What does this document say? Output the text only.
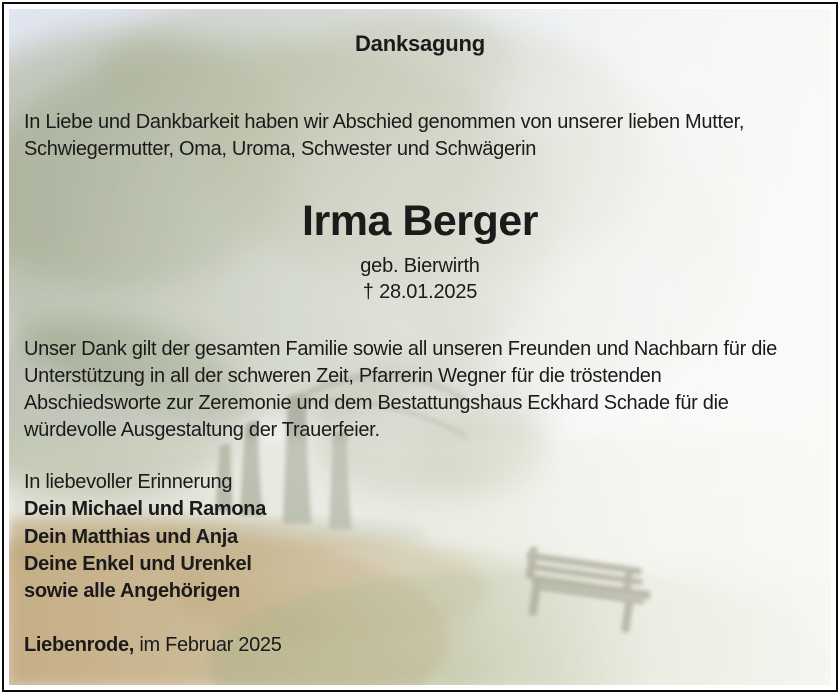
Danksagung
In Liebe und Dankbarkeit haben wir Abschied genommen von unserer lieben Mutter,
Schwiegermutter, Oma, Uroma, Schwester und Schwägerin
Irma Berger
geb. Bierwirth
† 28.01.2025
Unser Dank gilt der gesamten Familie sowie all unseren Freunden und Nachbarn für die
Unterstützung in all der schweren Zeit, Pfarrerin Wegner für die tröstenden
Abschiedsworte zur Zeremonie und dem Bestattungshaus Eckhard Schade für die
würdevolle Ausgestaltung der Trauerfeier.
In liebevoller Erinnerung
Dein Michael und Ramona
Dein Matthias und Anja
Deine Enkel und Urenkel
sowie alle Angehörigen
Liebenrode, im Februar 2025
